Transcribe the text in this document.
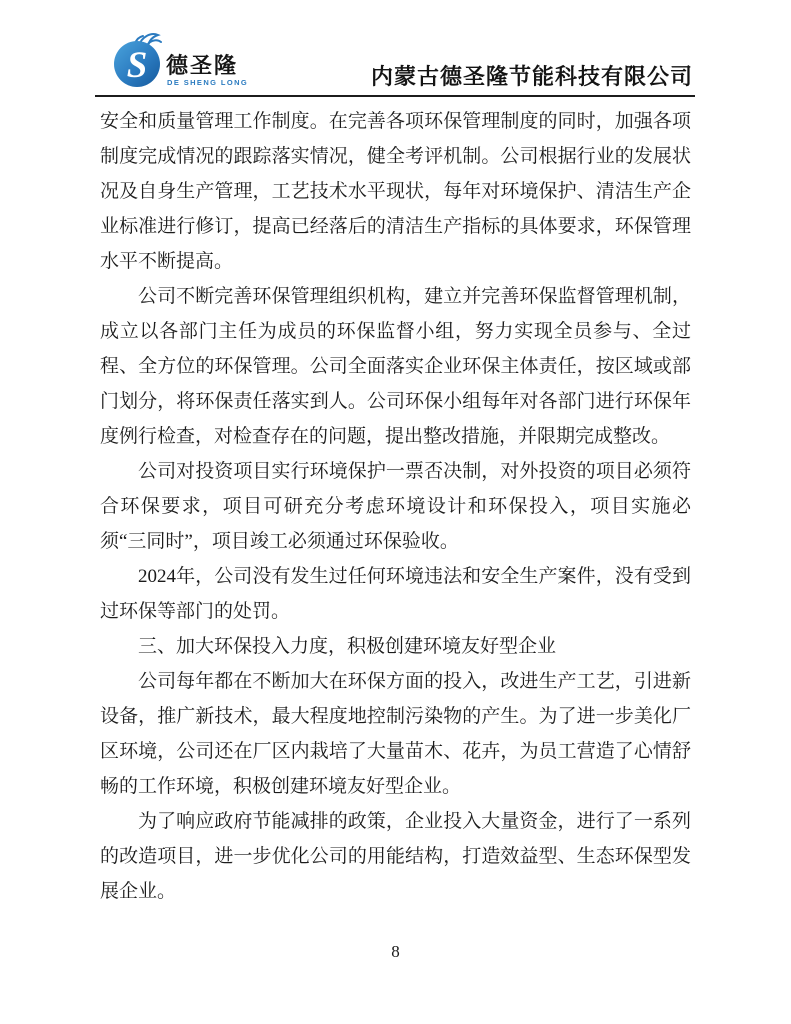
S 德圣隆
DE SHENG LONG	内蒙古德圣隆节能科技有限公司

安全和质量管理工作制度。在完善各项环保管理制度的同时，加强各项制度完成情况的跟踪落实情况，健全考评机制。公司根据行业的发展状况及自身生产管理，工艺技术水平现状，每年对环境保护、清洁生产企业标准进行修订，提高已经落后的清洁生产指标的具体要求，环保管理水平不断提高。

公司不断完善环保管理组织机构，建立并完善环保监督管理机制，成立以各部门主任为成员的环保监督小组，努力实现全员参与、全过程、全方位的环保管理。公司全面落实企业环保主体责任，按区域或部门划分，将环保责任落实到人。公司环保小组每年对各部门进行环保年度例行检查，对检查存在的问题，提出整改措施，并限期完成整改。

公司对投资项目实行环境保护一票否决制，对外投资的项目必须符合环保要求，项目可研充分考虑环境设计和环保投入，项目实施必须“三同时”，项目竣工必须通过环保验收。

2024年，公司没有发生过任何环境违法和安全生产案件，没有受到过环保等部门的处罚。

三、加大环保投入力度，积极创建环境友好型企业

公司每年都在不断加大在环保方面的投入，改进生产工艺，引进新设备，推广新技术，最大程度地控制污染物的产生。为了进一步美化厂区环境，公司还在厂区内栽培了大量苗木、花卉，为员工营造了心情舒畅的工作环境，积极创建环境友好型企业。

为了响应政府节能减排的政策，企业投入大量资金，进行了一系列的改造项目，进一步优化公司的用能结构，打造效益型、生态环保型发展企业。

8
